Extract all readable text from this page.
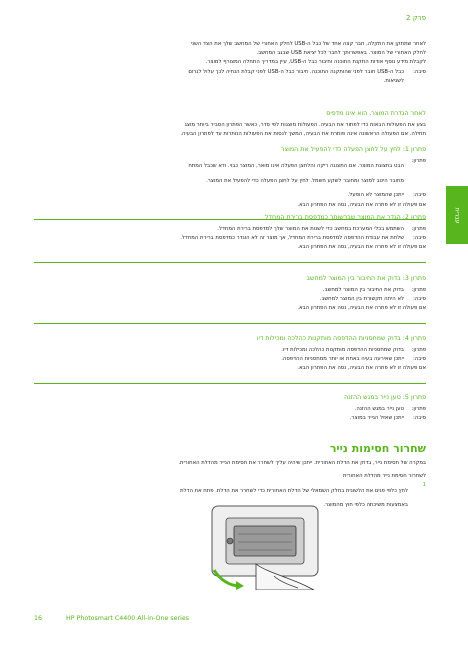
פרק 2
עברית

לאחר שתתקן את התקלה, חבר קצה אחד של כבל ה-USB לחלק האחורי של המחשב שלך את הצד השני

לחלק האחורי של המוצר. באפשרותך לחבר לכל יציאת USB שבגב המחשב.

לקבלת מידע נוסף אודות התקנת התוכנה וחיבור כבל ה-USB, עיין במדריך התחלה המצורף למוצר.

סיבה:

כבל ה-USB חובר לפני שהותקנה התוכנה. חיבור כבל ה-USB לפני קבלת הנחיה לכך עלול לגרום

לשגיאות.

לאחר הגדרת המוצר, הוא אינו מדפיס

בצע את הפעולות הבאות כדי לפתור את הבעיה. הפעולות מוצגות לפי סדר, כאשר הפתרון הסביר ביותר מוצג

תחילה. אם הפעולה הראשונה אינה פותרת את הבעיה, המשך לנסות את הפעולות הנותרות עד לפתרון הבעיה.

פתרון 1: לחץ על לחצן הפעלה כדי להפעיל את המוצר
פתרון:

הבט בתצוגת המוצר. אם התצוגה ריקה והלחצן הפעלה אינו מואר, המוצר כבוי. ודא שכבל המתח

מחובר היטב למוצר ומחובר לשקע חשמל. לחץ על לחצן הפעלה כדי להפעיל את המוצר.

סיבה:
ייתכן שהמוצר לא הופעל.
אם פעולה זו לא פתרה את הבעיה, נסה את הפתרון הבא.
פתרון 2: הגדר את המוצר שברשותך כמדפסת ברירת המחדל
פתרון:
השתמש בכלי המערכת במחשב כדי לשנות את המוצר שלך למדפסת ברירת המחדל.
סיבה:
שלחת את עבודת ההדפסה למדפסת ברירת המחדל, אך מוצר זה לא הוגדר כמדפסת ברירת המחדל.
אם פעולה זו לא פתרה את הבעיה, נסה את הפתרון הבא.
פתרון 3: בדוק את החיבור בין המוצר למחשב
פתרון:
בדוק את החיבור בין המוצר למחשב.
סיבה:
לא היתה תקשורת בין המוצר למחשב.
אם פעולה זו לא פתרה את הבעיה, נסה את הפתרון הבא.
פתרון 4: בדוק שמחסניות ההדפסה מותקנות כהלכה ומכילות דיו
פתרון:
בדוק שמחסניות ההדפסה מותקנות כהלכה ומכילות דיו.
סיבה:
ייתכן שאירעה בעיה באחת או יותר ממחסניות ההדפסה.
אם פעולה זו לא פתרה את הבעיה, נסה את הפתרון הבא.
פתרון 5: טען נייר במגש ההזנה
פתרון:
טען נייר במגש ההזנה.
סיבה:
ייתכן שאזל הנייר במוצר.
שחרור חסימות נייר

במקרה של חסימת נייר, בדוק את הדלת האחורית. ייתכן שיהיה עליך לשחרר את חסימת הנייר מהדלת האחורית.

לשחרור חסימת נייר מהדלת האחורית

1

לחץ כלפי פנים את הלשונית בחלק השמאלי של הדלת האחורית כדי לשחרר את הדלת. פתח את הדלת

באמצעות משיכתה כלפי חוץ מהמוצר.

16	HP Photosmart C4400 All-in-One series
